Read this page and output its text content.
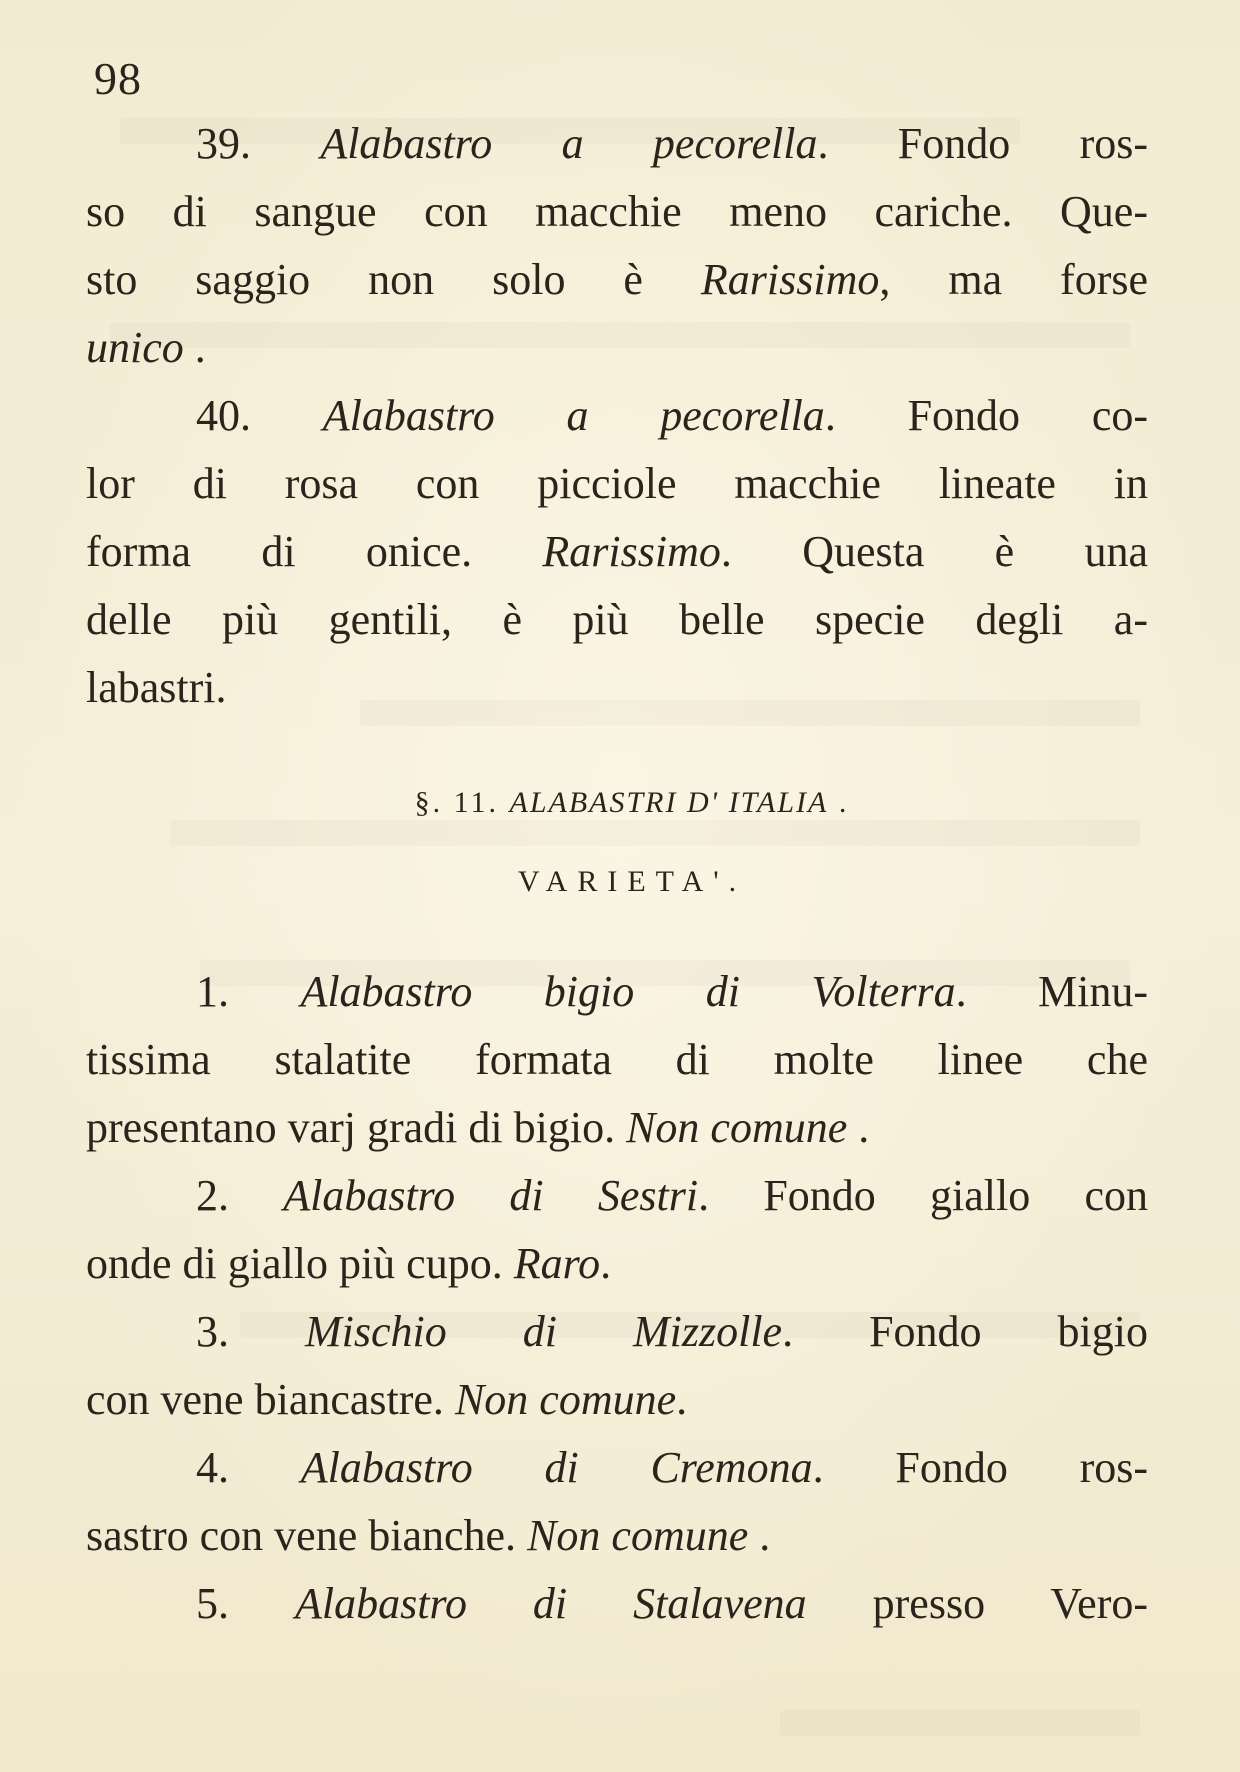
98
39. Alabastro a pecorella. Fondo ros-
so di sangue con macchie meno cariche. Que-
sto saggio non solo è Rarissimo, ma forse
unico .
40. Alabastro a pecorella. Fondo co-
lor di rosa con picciole macchie lineate in
forma di onice. Rarissimo. Questa è una
delle più gentili, è più belle specie degli a-
labastri.
§. 11. ALABASTRI D' ITALIA .
VARIETA'.
1. Alabastro bigio di Volterra. Minu-
tissima stalatite formata di molte linee che
presentano varj gradi di bigio. Non comune .
2. Alabastro di Sestri. Fondo giallo con
onde di giallo più cupo. Raro.
3. Mischio di Mizzolle. Fondo bigio
con vene biancastre. Non comune.
4. Alabastro di Cremona. Fondo ros-
sastro con vene bianche. Non comune .
5. Alabastro di Stalavena presso Vero-
